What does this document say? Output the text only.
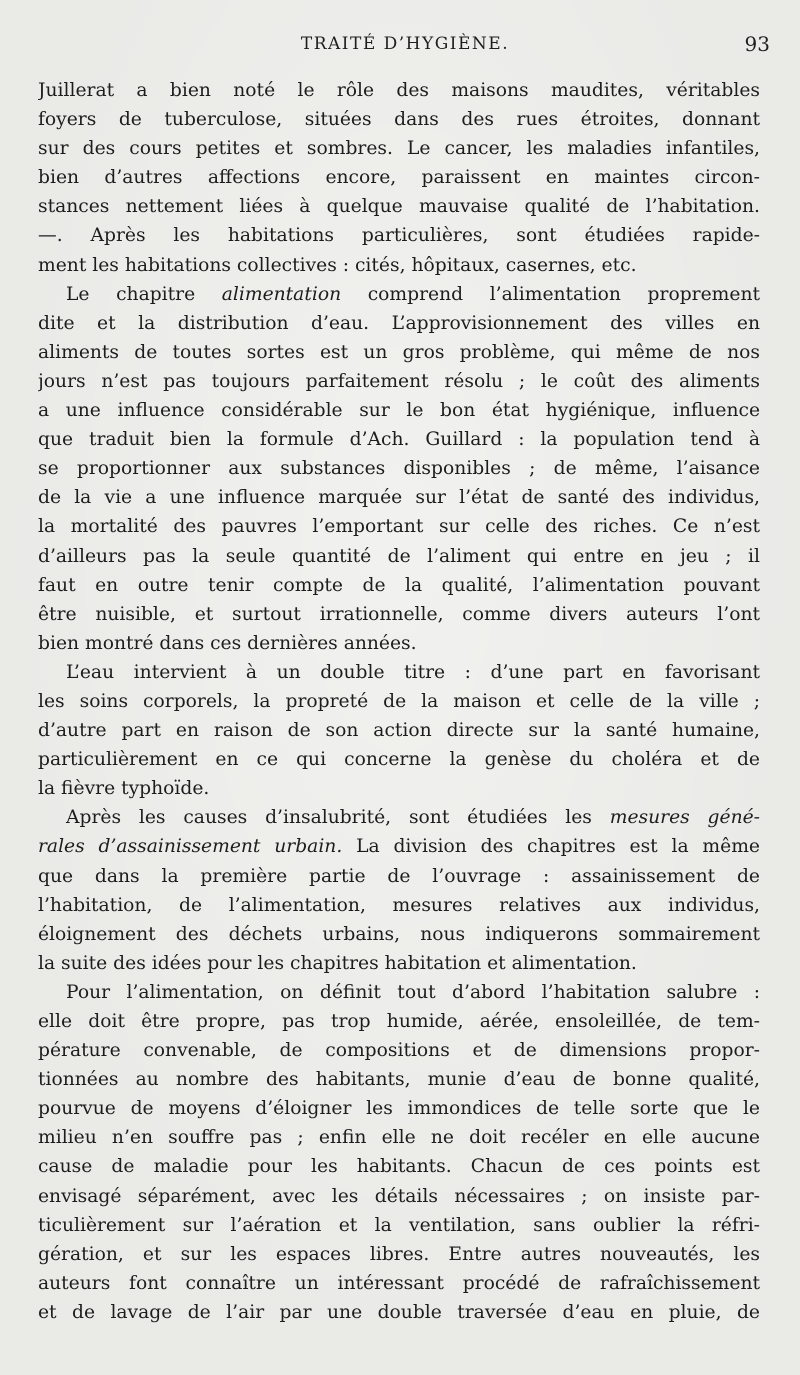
TRAITÉ D’HYGIÈNE.	93
Juillerat a bien noté le rôle des maisons maudites, véritables
foyers de tuberculose, situées dans des rues étroites, donnant
sur des cours petites et sombres. Le cancer, les maladies infantiles,
bien d’autres affections encore, paraissent en maintes circon-
stances nettement liées à quelque mauvaise qualité de l’habitation.
—. Après les habitations particulières, sont étudiées rapide-
ment les habitations collectives : cités, hôpitaux, casernes, etc.
Le chapitre alimentation comprend l’alimentation proprement
dite et la distribution d’eau. L’approvisionnement des villes en
aliments de toutes sortes est un gros problème, qui même de nos
jours n’est pas toujours parfaitement résolu ; le coût des aliments
a une influence considérable sur le bon état hygiénique, influence
que traduit bien la formule d’Ach. Guillard : la population tend à
se proportionner aux substances disponibles ; de même, l’aisance
de la vie a une influence marquée sur l’état de santé des individus,
la mortalité des pauvres l’emportant sur celle des riches. Ce n’est
d’ailleurs pas la seule quantité de l’aliment qui entre en jeu ; il
faut en outre tenir compte de la qualité, l’alimentation pouvant
être nuisible, et surtout irrationnelle, comme divers auteurs l’ont
bien montré dans ces dernières années.
L’eau intervient à un double titre : d’une part en favorisant
les soins corporels, la propreté de la maison et celle de la ville ;
d’autre part en raison de son action directe sur la santé humaine,
particulièrement en ce qui concerne la genèse du choléra et de
la fièvre typhoïde.
Après les causes d’insalubrité, sont étudiées les mesures géné-
rales d’assainissement urbain. La division des chapitres est la même
que dans la première partie de l’ouvrage : assainissement de
l’habitation, de l’alimentation, mesures relatives aux individus,
éloignement des déchets urbains, nous indiquerons sommairement
la suite des idées pour les chapitres habitation et alimentation.
Pour l’alimentation, on définit tout d’abord l’habitation salubre :
elle doit être propre, pas trop humide, aérée, ensoleillée, de tem-
pérature convenable, de compositions et de dimensions propor-
tionnées au nombre des habitants, munie d’eau de bonne qualité,
pourvue de moyens d’éloigner les immondices de telle sorte que le
milieu n’en souffre pas ; enfin elle ne doit recéler en elle aucune
cause de maladie pour les habitants. Chacun de ces points est
envisagé séparément, avec les détails nécessaires ; on insiste par-
ticulièrement sur l’aération et la ventilation, sans oublier la réfri-
gération, et sur les espaces libres. Entre autres nouveautés, les
auteurs font connaître un intéressant procédé de rafraîchissement
et de lavage de l’air par une double traversée d’eau en pluie, de
